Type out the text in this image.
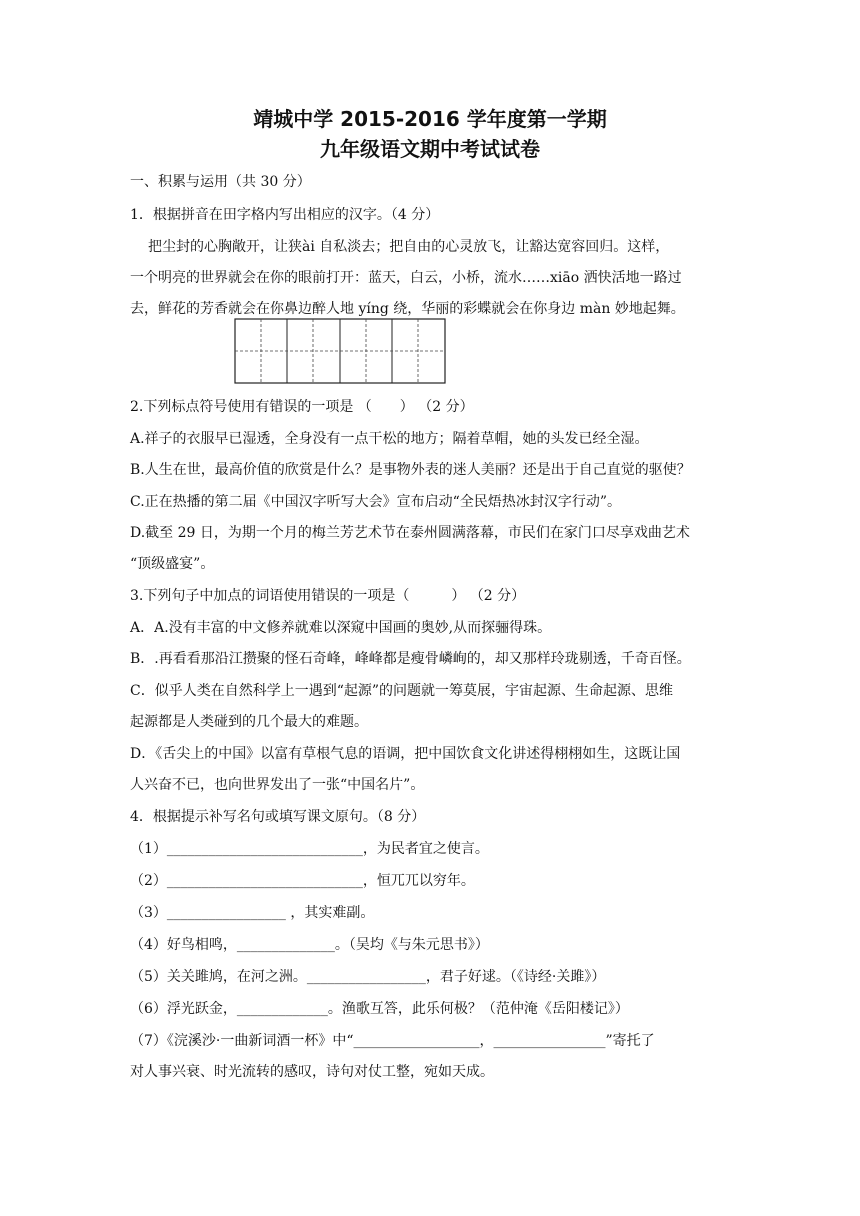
靖城中学 2015-2016 学年度第一学期
九年级语文期中考试试卷
一、积累与运用（共 30 分）
1．根据拼音在田字格内写出相应的汉字。（4 分）
把尘封的心胸敞开，让狭ài 自私淡去；把自由的心灵放飞，让豁达宽容回归。这样，
一个明亮的世界就会在你的眼前打开：蓝天，白云，小桥，流水……xiāo 洒快活地一路过
去，鲜花的芳香就会在你鼻边醉人地 yíng 绕，华丽的彩蝶就会在你身边 màn 妙地起舞。
2.下列标点符号使用有错误的一项是 （　　） （2 分）
A.祥子的衣服早已湿透，全身没有一点干松的地方；隔着草帽，她的头发已经全湿。
B.人生在世，最高价值的欣赏是什么？是事物外表的迷人美丽？还是出于自己直觉的驱使？
C.正在热播的第二届《中国汉字听写大会》宣布启动“全民焐热冰封汉字行动”。
D.截至 29 日，为期一个月的梅兰芳艺术节在泰州圆满落幕，市民们在家门口尽享戏曲艺术
“顶级盛宴”。
3.下列句子中加点的词语使用错误的一项是（　　　） （2 分）
A．A.没有丰富的中文修养就难以深窥中国画的奥妙,从而探骊得珠。
B．.再看看那沿江攒聚的怪石奇峰，峰峰都是瘦骨嶙峋的，却又那样玲珑剔透，千奇百怪。
C．似乎人类在自然科学上一遇到“起源”的问题就一筹莫展，宇宙起源、生命起源、思维
起源都是人类碰到的几个最大的难题。
D．《舌尖上的中国》以富有草根气息的语调，把中国饮食文化讲述得栩栩如生，这既让国
人兴奋不已，也向世界发出了一张“中国名片”。
4．根据提示补写名句或填写课文原句。（8 分）
（1）____________________________，为民者宜之使言。
（2）____________________________，恒兀兀以穷年。
（3）_________________ ，其实难副。
（4）好鸟相鸣，______________。（吴均《与朱元思书》）
（5）关关雎鸠，在河之洲。_________________，君子好逑。（《诗经·关雎》）
（6）浮光跃金，_____________。渔歌互答，此乐何极？（范仲淹《岳阳楼记》）
（7）《浣溪沙·一曲新词酒一杯》中“__________________，________________”寄托了
对人事兴衰、时光流转的感叹，诗句对仗工整，宛如天成。
